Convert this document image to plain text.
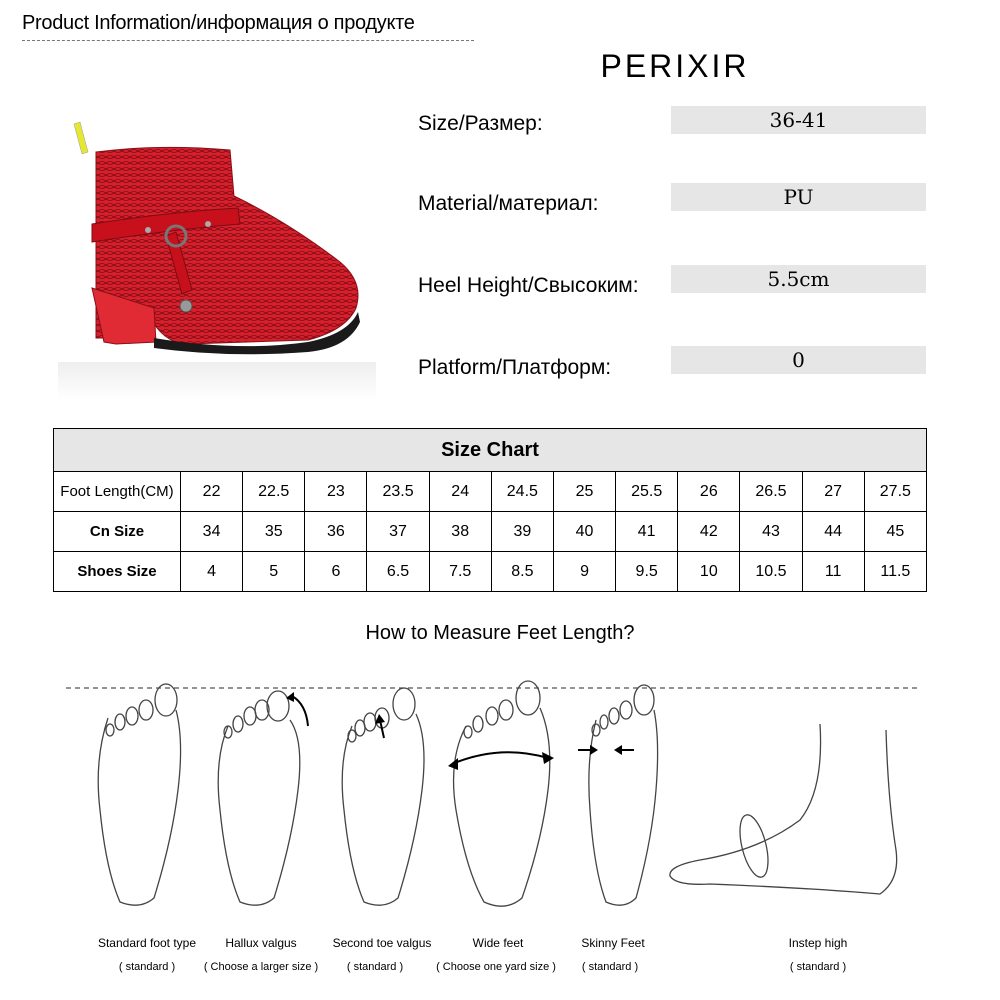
Product Information/информация о продукте
PERIXIR
Size/Размер:	36-41
Material/материал:	PU
Heel Height/Свысоким:	5.5cm
Platform/Платформ:	0
Size Chart												
Foot Length(CM)	22	22.5	23	23.5	24	24.5	25	25.5	26	26.5	27	27.5
Cn Size	34	35	36	37	38	39	40	41	42	43	44	45
Shoes Size	4	5	6	6.5	7.5	8.5	9	9.5	10	10.5	11	11.5
How to Measure Feet Length?
Standard foot type
( standard )
Hallux valgus
( Choose a larger size )
Second toe valgus
( standard )
Wide feet
( Choose one yard size )
Skinny Feet
( standard )
Instep high
( standard )
